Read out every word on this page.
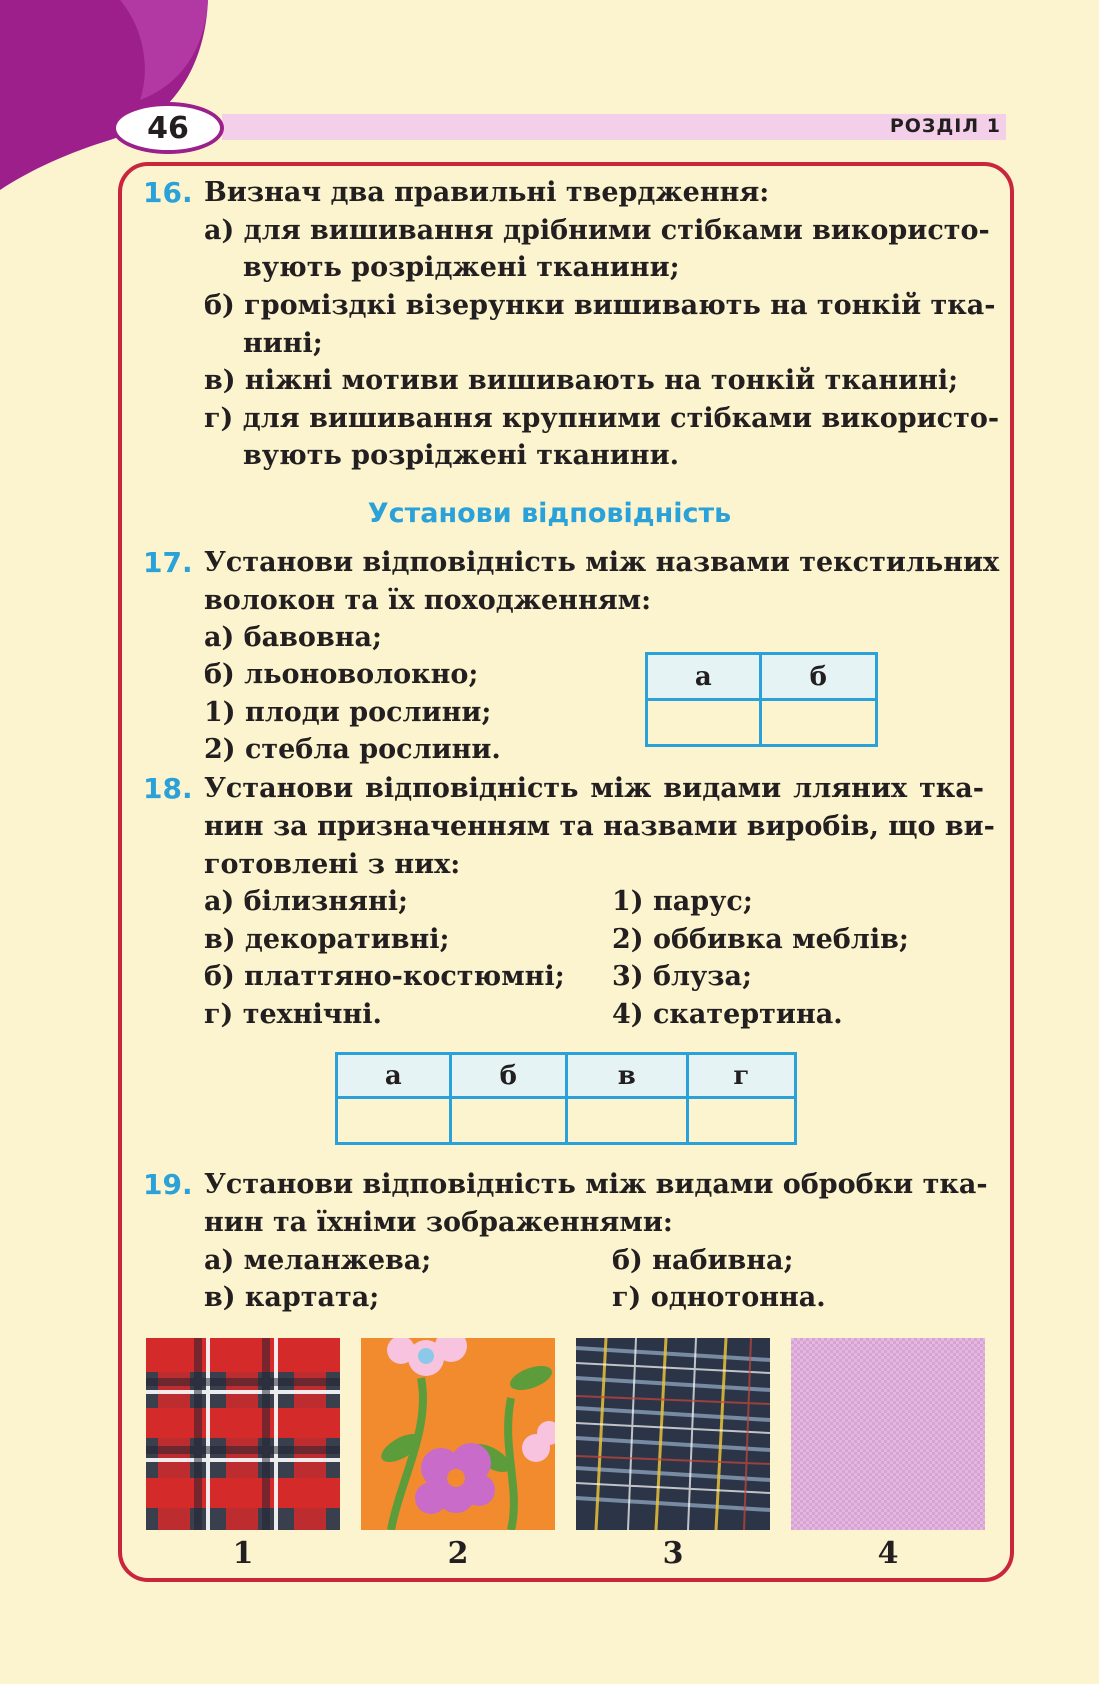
46	РОЗДІЛ 1
16. Визнач два правильні твердження:
а) для вишивання дрібними стібками використо-
вують розріджені тканини;
б) громіздкі візерунки вишивають на тонкій тка-
нині;
в) ніжні мотиви вишивають на тонкій тканині;
г) для вишивання крупними стібками використо-
вують розріджені тканини.
Установи відповідність
17. Установи відповідність між назвами текстильних
волокон та їх походженням:
а) бавовна;
б) льоноволокно;
1) плоди рослини;
2) стебла рослини.
а	б

18. Установи відповідність між видами лляних тка-
нин за призначенням та назвами виробів, що ви-
готовлені з них:
а) білизняні;
в) декоративні;
б) платтяно-костюмні;
г) технічні.
1) парус;
2) оббивка меблів;
3) блуза;
4) скатертина.
а	б	в	г

19. Установи відповідність між видами обробки тка-
нин та їхніми зображеннями:
а) меланжева;
в) картата;
б) набивна;
г) однотонна.
1	2	3	4
